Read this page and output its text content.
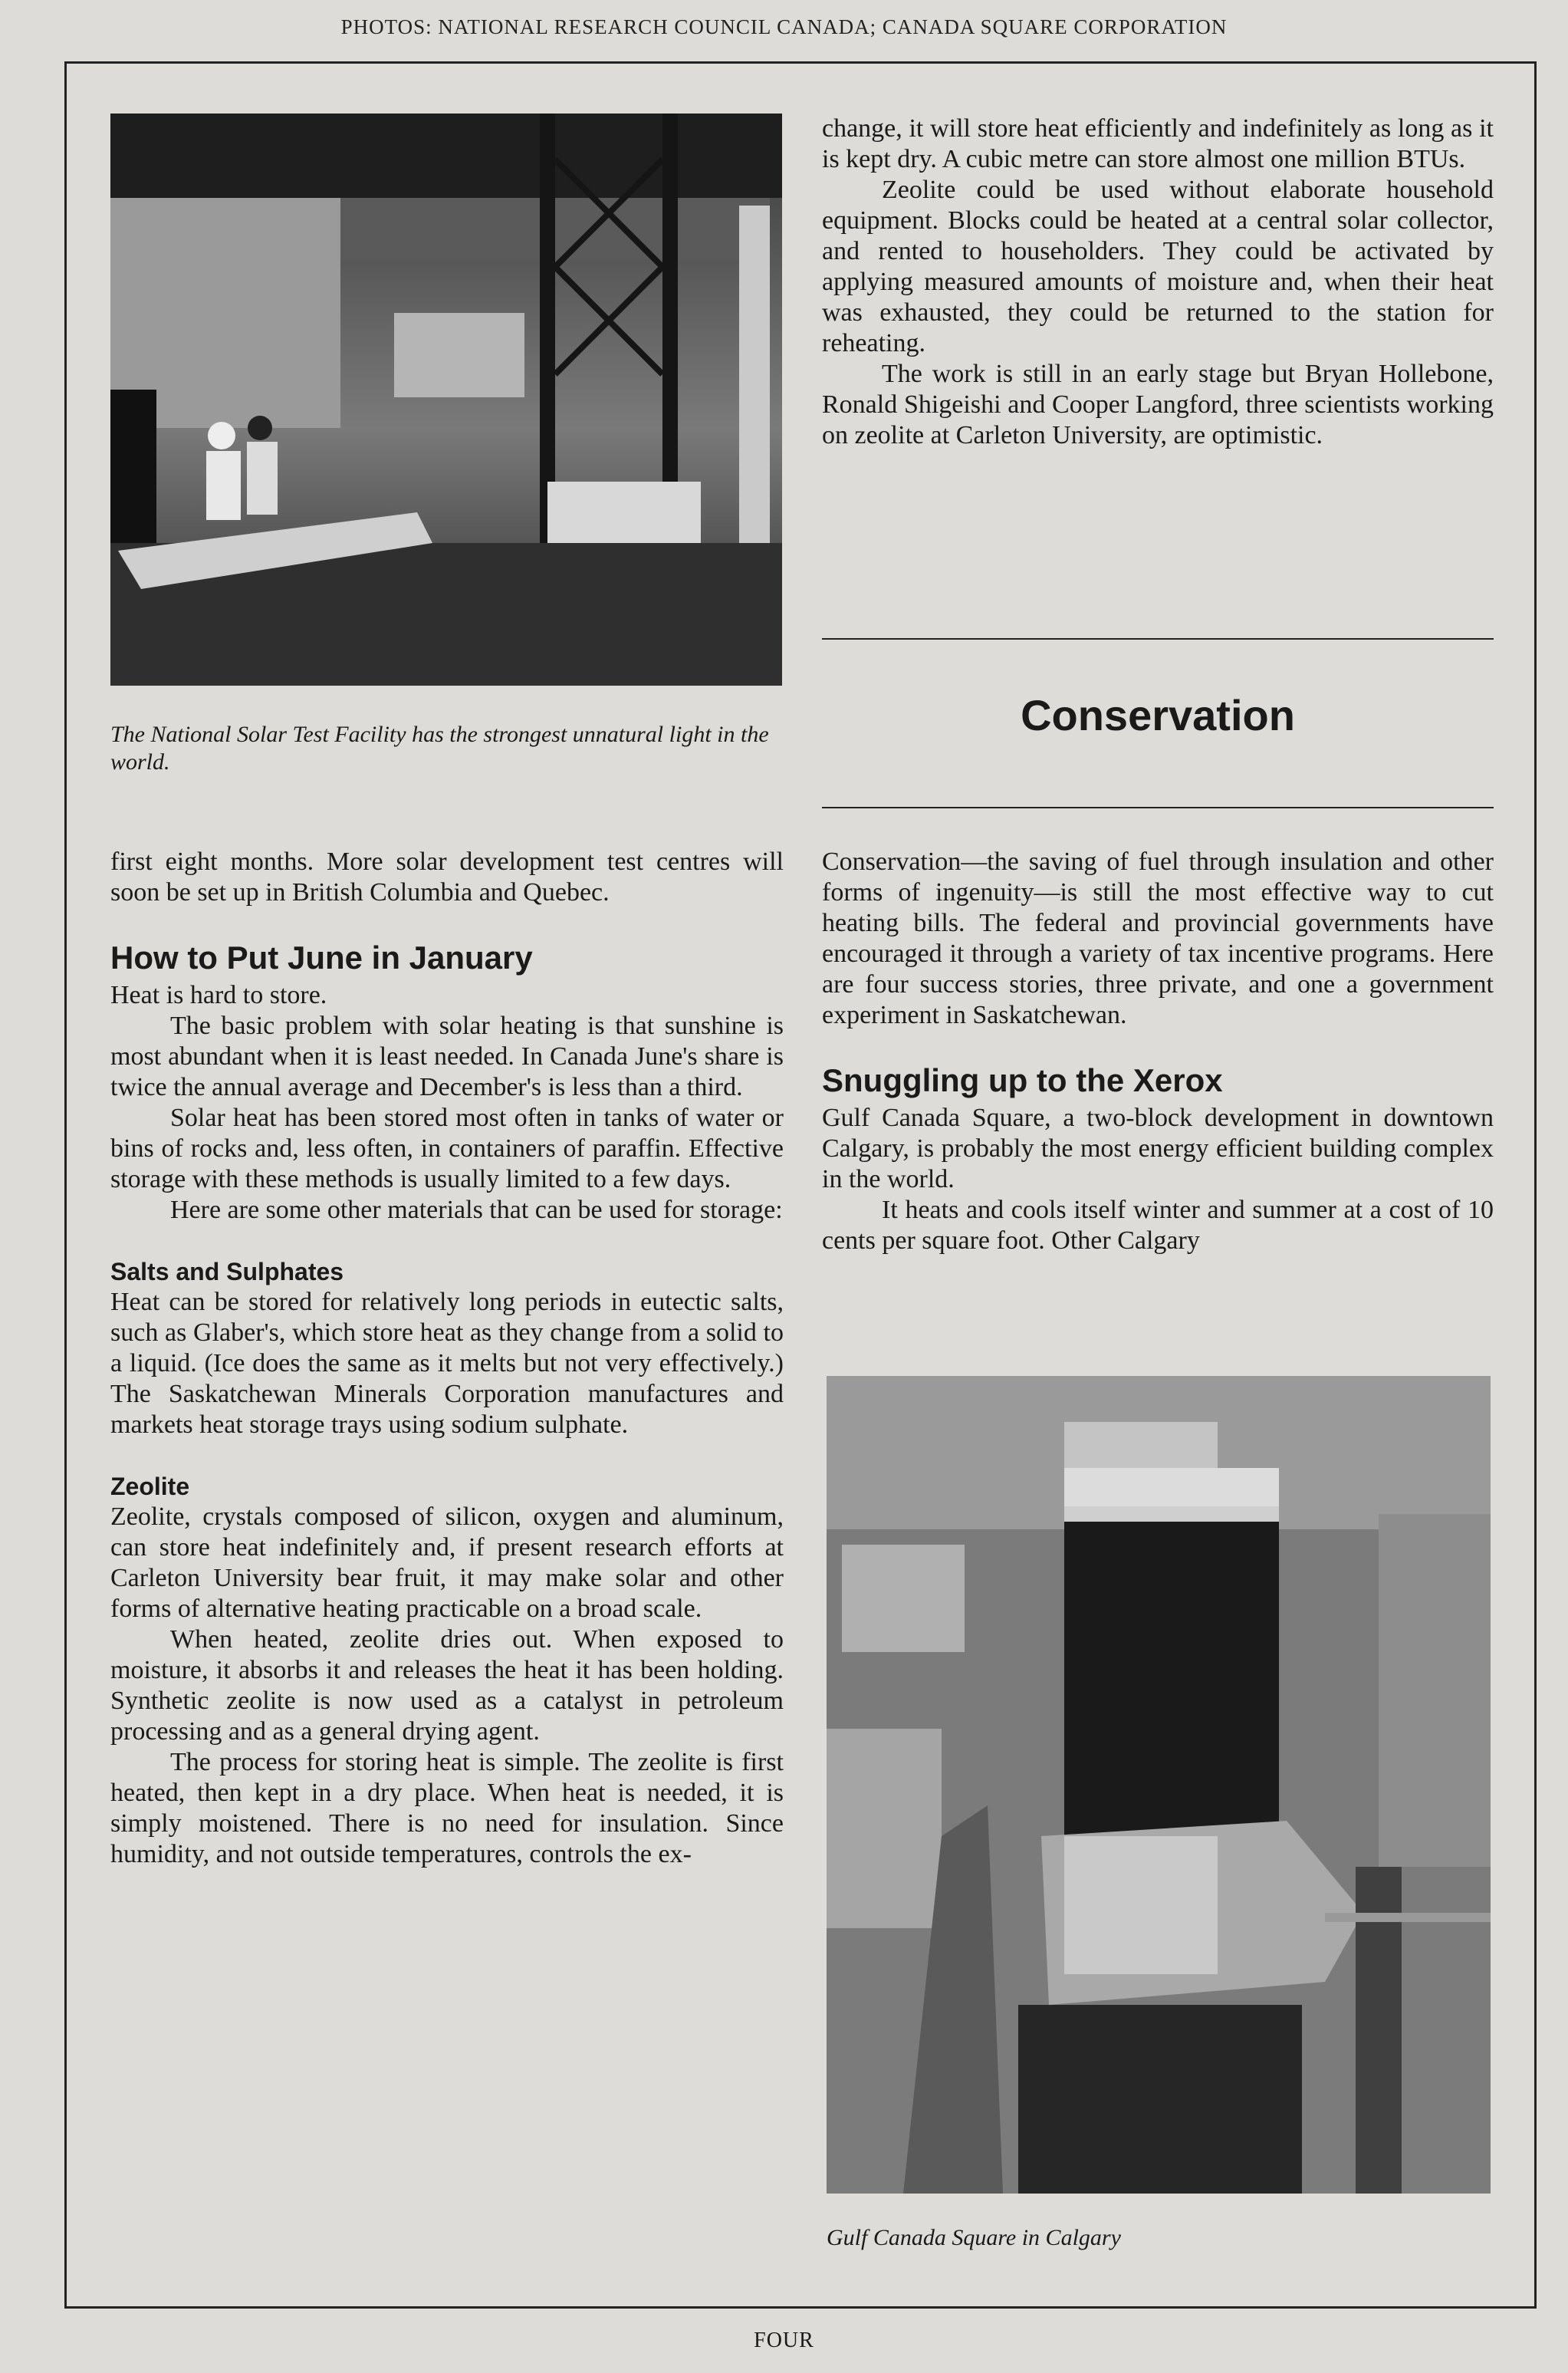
PHOTOS: NATIONAL RESEARCH COUNCIL CANADA; CANADA SQUARE CORPORATION
The National Solar Test Facility has the strongest unnatural light in the world.

first eight months. More solar development test centres will soon be set up in British Columbia and Quebec.

How to Put June in January

Heat is hard to store.

The basic problem with solar heating is that sunshine is most abundant when it is least needed. In Canada June's share is twice the annual average and December's is less than a third.

Solar heat has been stored most often in tanks of water or bins of rocks and, less often, in containers of paraffin. Effective storage with these methods is usually limited to a few days.

Here are some other materials that can be used for storage:

Salts and Sulphates

Heat can be stored for relatively long periods in eutectic salts, such as Glaber's, which store heat as they change from a solid to a liquid. (Ice does the same as it melts but not very effectively.) The Saskatchewan Minerals Corporation manufactures and markets heat storage trays using sodium sulphate.

Zeolite

Zeolite, crystals composed of silicon, oxygen and aluminum, can store heat indefinitely and, if present research efforts at Carleton University bear fruit, it may make solar and other forms of alternative heating practicable on a broad scale.

When heated, zeolite dries out. When exposed to moisture, it absorbs it and releases the heat it has been holding. Synthetic zeolite is now used as a catalyst in petroleum processing and as a general drying agent.

The process for storing heat is simple. The zeolite is first heated, then kept in a dry place. When heat is needed, it is simply moistened. There is no need for insulation. Since humidity, and not outside temperatures, controls the ex-

change, it will store heat efficiently and indefinitely as long as it is kept dry. A cubic metre can store almost one million BTUs.

Zeolite could be used without elaborate household equipment. Blocks could be heated at a central solar collector, and rented to householders. They could be activated by applying measured amounts of moisture and, when their heat was exhausted, they could be returned to the station for reheating.

The work is still in an early stage but Bryan Hollebone, Ronald Shigeishi and Cooper Langford, three scientists working on zeolite at Carleton University, are optimistic.

Conservation

Conservation—the saving of fuel through insulation and other forms of ingenuity—is still the most effective way to cut heating bills. The federal and provincial governments have encouraged it through a variety of tax incentive programs. Here are four success stories, three private, and one a government experiment in Saskatchewan.

Snuggling up to the Xerox

Gulf Canada Square, a two-block development in downtown Calgary, is probably the most energy efficient building complex in the world.

It heats and cools itself winter and summer at a cost of 10 cents per square foot. Other Calgary

Gulf Canada Square in Calgary
FOUR
